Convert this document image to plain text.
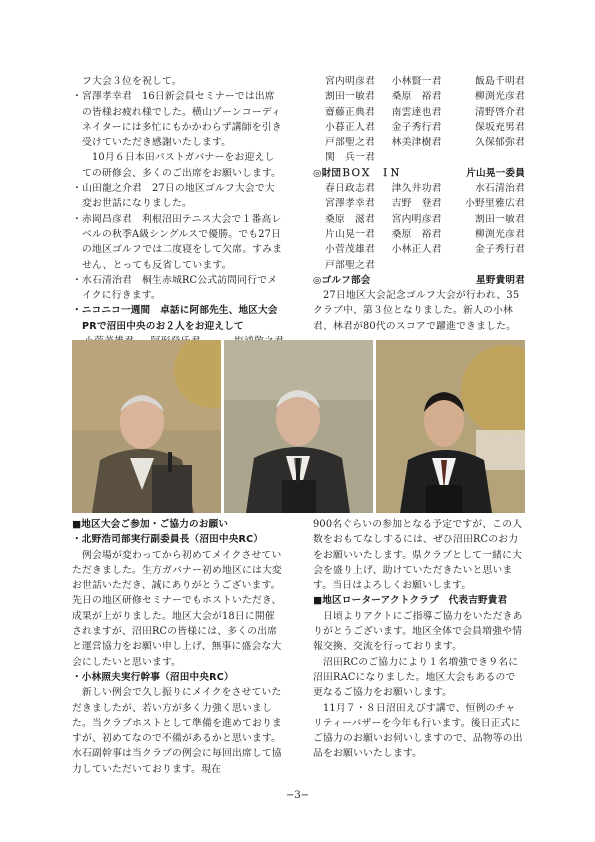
フ大会３位を祝して。

・宮澤孝幸君　16日新会員セミナーでは出席の皆様お疲れ様でした。横山ゾーンコーディネイターには多忙にもかかわらず講師を引き受けていただき感謝いたします。

10月６日本田パストガバナーをお迎えしての研修会、多くのご出席をお願いします。

・山田龍之介君　27日の地区ゴルフ大会で大変お世話になりました。

・赤岡昌彦君　利根沼田テニス大会で１番高レベルの秋季A級シングルスで優勝。でも27日の地区ゴルフでは二度寝をして欠席。すみません、とっても反省しています。

・水石清治君　桐生赤城RC公式訪問同行でメイクに行きます。

・ニコニコ一週間　卓話に阿部先生、地区大会PRで沼田中央のお２人をお迎えして

宮内明彦君	小林賢一君	飯島千明君
割田一敏君	桑原　裕君	柳渕光彦君
齋藤正典君	南雲達也君	清野啓介君
小暮正人君	金子秀行君	保坂充男君
戸部聖之君	林美津樹君	久保郁弥君
関　兵一君
◎財団ＢＯＸ　ＩＮ	片山晃一委員
春日政志君	津久井功君	水石清治君
宮澤孝幸君	吉野　登君	小野里雅広君
桑原　滋君	宮内明彦君	割田一敏君
片山晃一君	桑原　裕君	柳渕光彦君
小菅茂雄君	小林正人君	金子秀行君
戸部聖之君
◎ゴルフ部会	星野貴明君

27日地区大会記念ゴルフ大会が行われ、35クラブ中、第３位となりました。新人の小林君、林君が80代のスコアで躍進できました。

■地区大会ご参加・ご協力のお願い

・北野浩司部実行副委員長（沼田中央RC）

例会場が変わってから初めてメイクさせていただきました。生方ガバナー初め地区には大変お世話いただき、誠にありがとうございます。先日の地区研修セミナーでもホストいただき、成果が上がりました。地区大会が18日に開催されますが、沼田RCの皆様には、多くの出席と運営協力をお願い申し上げ、無事に盛会な大会にしたいと思います。

・小林照夫実行幹事（沼田中央RC）

新しい例会で久し振りにメイクをさせていただきましたが、若い方が多く力強く思いました。当クラブホストとして準備を進めておりますが、初めてなので不備があるかと思います。水石副幹事は当クラブの例会に毎回出席して協力していただいております。現在

900名ぐらいの参加となる予定ですが、この人数をおもてなしするには、ぜひ沼田RCのお力をお願いいたします。県クラブとして一緒に大会を盛り上げ、助けていただきたいと思います。当日はよろしくお願いします。

■地区ローターアクトクラブ　代表吉野貴君

日頃よりアクトにご指導ご協力をいただきありがとうございます。地区全体で会員増強や情報交換、交流を行っております。

沼田RCのご協力により１名増強でき９名に沼田RACになりました。地区大会もあるので更なるご協力をお願いします。

11月７・８日沼田えびす講で、恒例のチャリティーバザーを今年も行います。後日正式にご協力のお願いお伺いしますので、品物等の出品をお願いいたします。

−3−
